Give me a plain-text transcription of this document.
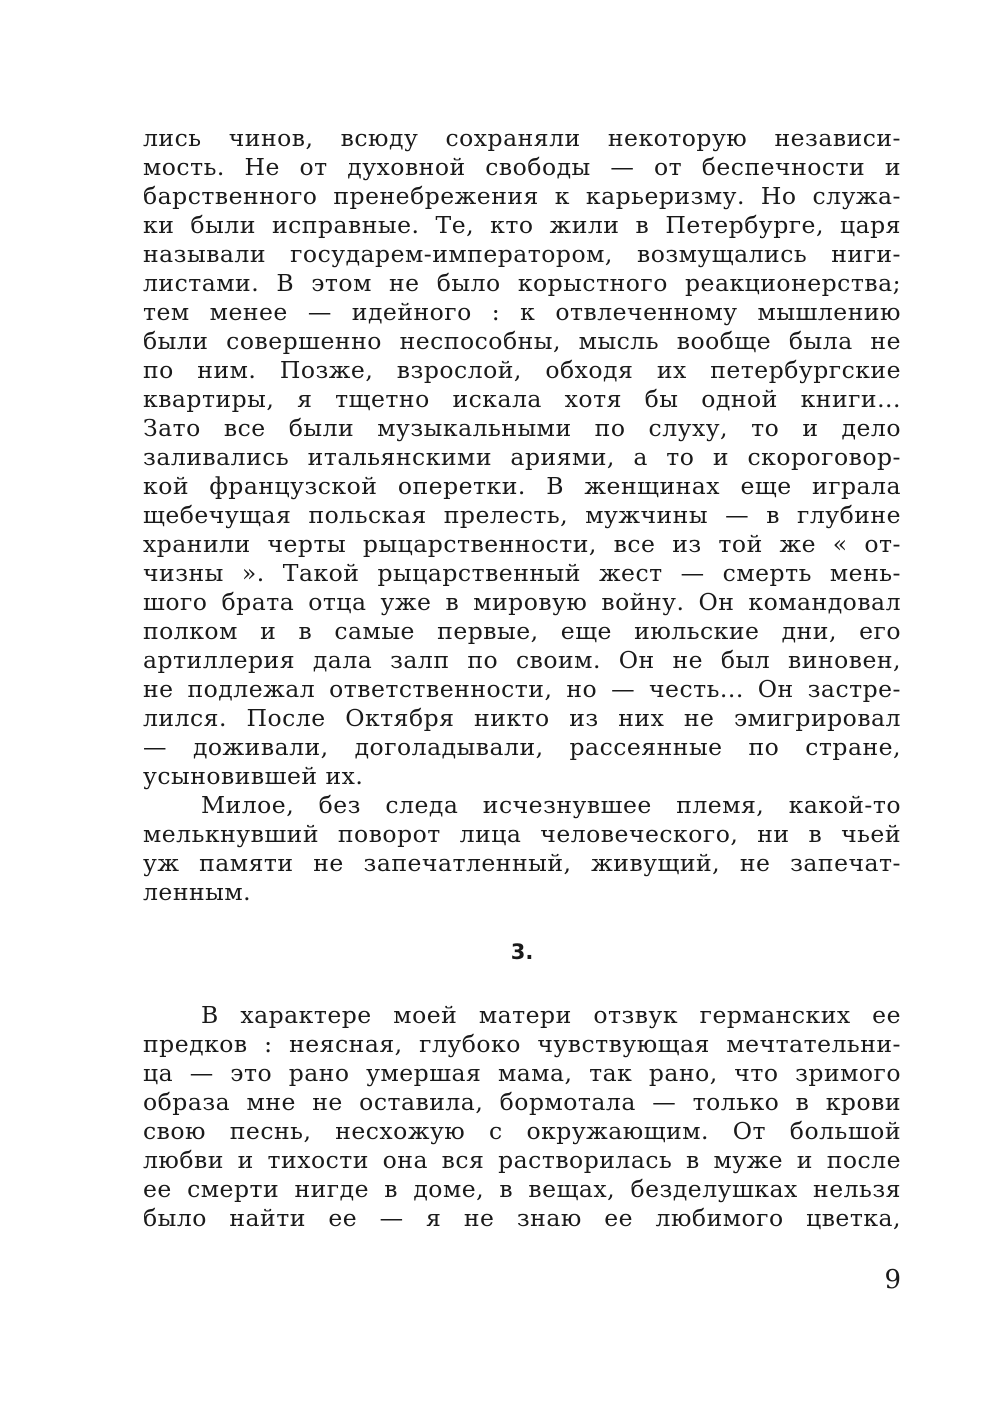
лись чинов, всюду сохраняли некоторую независи-
мость. Не от духовной свободы — от беспечности и
барственного пренебрежения к карьеризму. Но служа-
ки были исправные. Те, кто жили в Петербурге, царя
называли государем-императором, возмущались ниги-
листами. В этом не было корыстного реакционерства;
тем менее — идейного : к отвлеченному мышлению
были совершенно неспособны, мысль вообще была не
по ним. Позже, взрослой, обходя их петербургские
квартиры, я тщетно искала хотя бы одной книги...
Зато все были музыкальными по слуху, то и дело
заливались итальянскими ариями, а то и скороговор-
кой французской оперетки. В женщинах еще играла
щебечущая польская прелесть, мужчины — в глубине
хранили черты рыцарственности, все из той же « от-
чизны ». Такой рыцарственный жест — смерть мень-
шого брата отца уже в мировую войну. Он командовал
полком и в самые первые, еще июльские дни, его
артиллерия дала залп по своим. Он не был виновен,
не подлежал ответственности, но — честь... Он застре-
лился. После Октября никто из них не эмигрировал
— доживали, доголадывали, рассеянные по стране,
усыновившей их.
Милое, без следа исчезнувшее племя, какой-то
мелькнувший поворот лица человеческого, ни в чьей
уж памяти не запечатленный, живущий, не запечат-
ленным.
3.
В характере моей матери отзвук германских ее
предков : неясная, глубоко чувствующая мечтательни-
ца — это рано умершая мама, так рано, что зримого
образа мне не оставила, бормотала — только в крови
свою песнь, несхожую с окружающим. От большой
любви и тихости она вся растворилась в муже и после
ее смерти нигде в доме, в вещах, безделушках нельзя
было найти ее — я не знаю ее любимого цветка,
9
